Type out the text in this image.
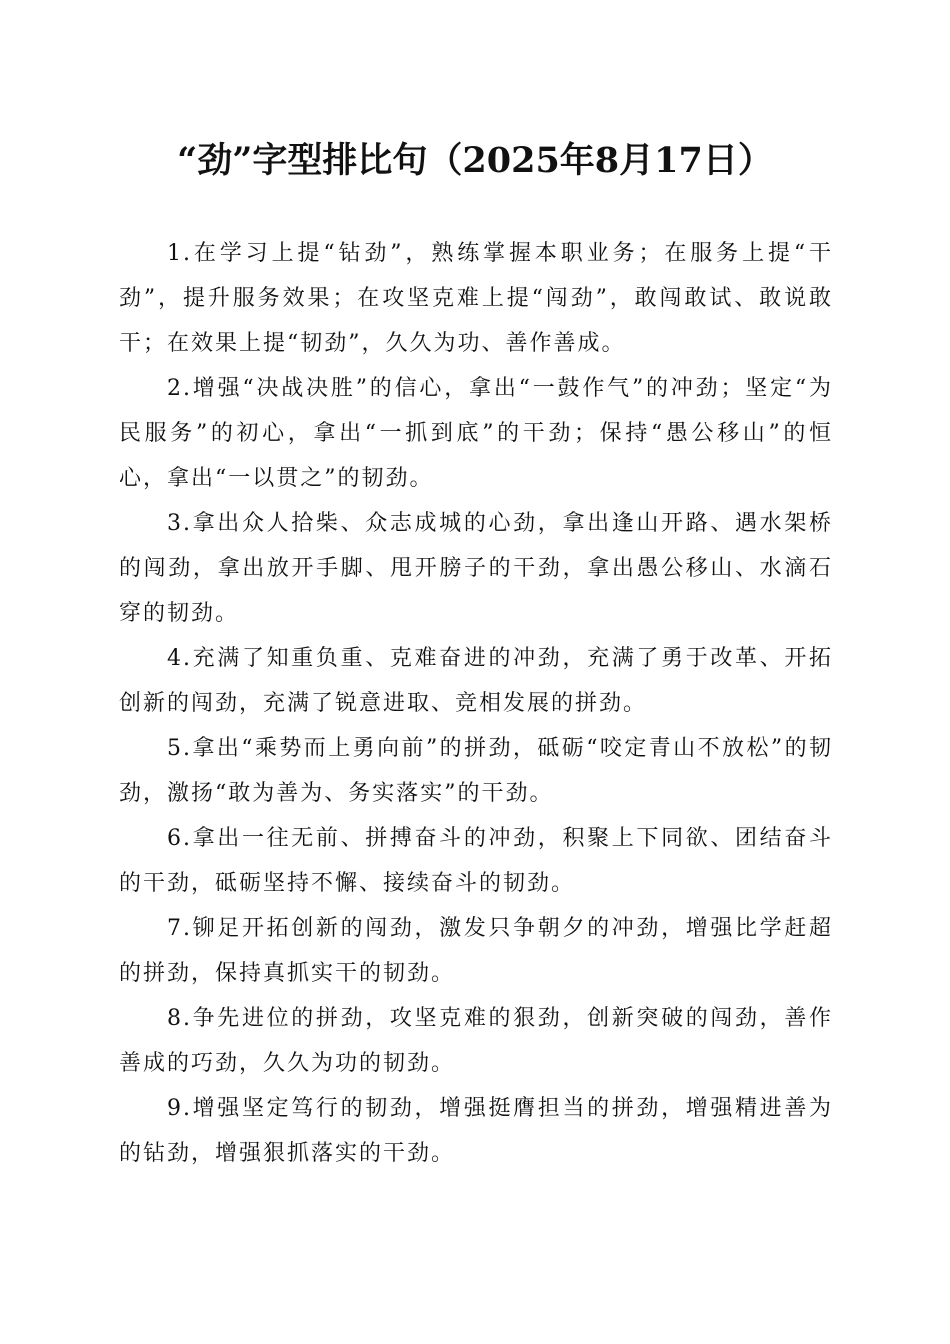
“劲”字型排比句（2025年8月17日）

1.在学习上提“钻劲”，熟练掌握本职业务；在服务上提“干劲”，提升服务效果；在攻坚克难上提“闯劲”，敢闯敢试、敢说敢干；在效果上提“韧劲”，久久为功、善作善成。

2.增强“决战决胜”的信心，拿出“一鼓作气”的冲劲；坚定“为民服务”的初心，拿出“一抓到底”的干劲；保持“愚公移山”的恒心，拿出“一以贯之”的韧劲。

3.拿出众人拾柴、众志成城的心劲，拿出逢山开路、遇水架桥的闯劲，拿出放开手脚、甩开膀子的干劲，拿出愚公移山、水滴石穿的韧劲。

4.充满了知重负重、克难奋进的冲劲，充满了勇于改革、开拓创新的闯劲，充满了锐意进取、竞相发展的拼劲。

5.拿出“乘势而上勇向前”的拼劲，砥砺“咬定青山不放松”的韧劲，激扬“敢为善为、务实落实”的干劲。

6.拿出一往无前、拼搏奋斗的冲劲，积聚上下同欲、团结奋斗的干劲，砥砺坚持不懈、接续奋斗的韧劲。

7.铆足开拓创新的闯劲，激发只争朝夕的冲劲，增强比学赶超的拼劲，保持真抓实干的韧劲。

8.争先进位的拼劲，攻坚克难的狠劲，创新突破的闯劲，善作善成的巧劲，久久为功的韧劲。

9.增强坚定笃行的韧劲，增强挺膺担当的拼劲，增强精进善为的钻劲，增强狠抓落实的干劲。
